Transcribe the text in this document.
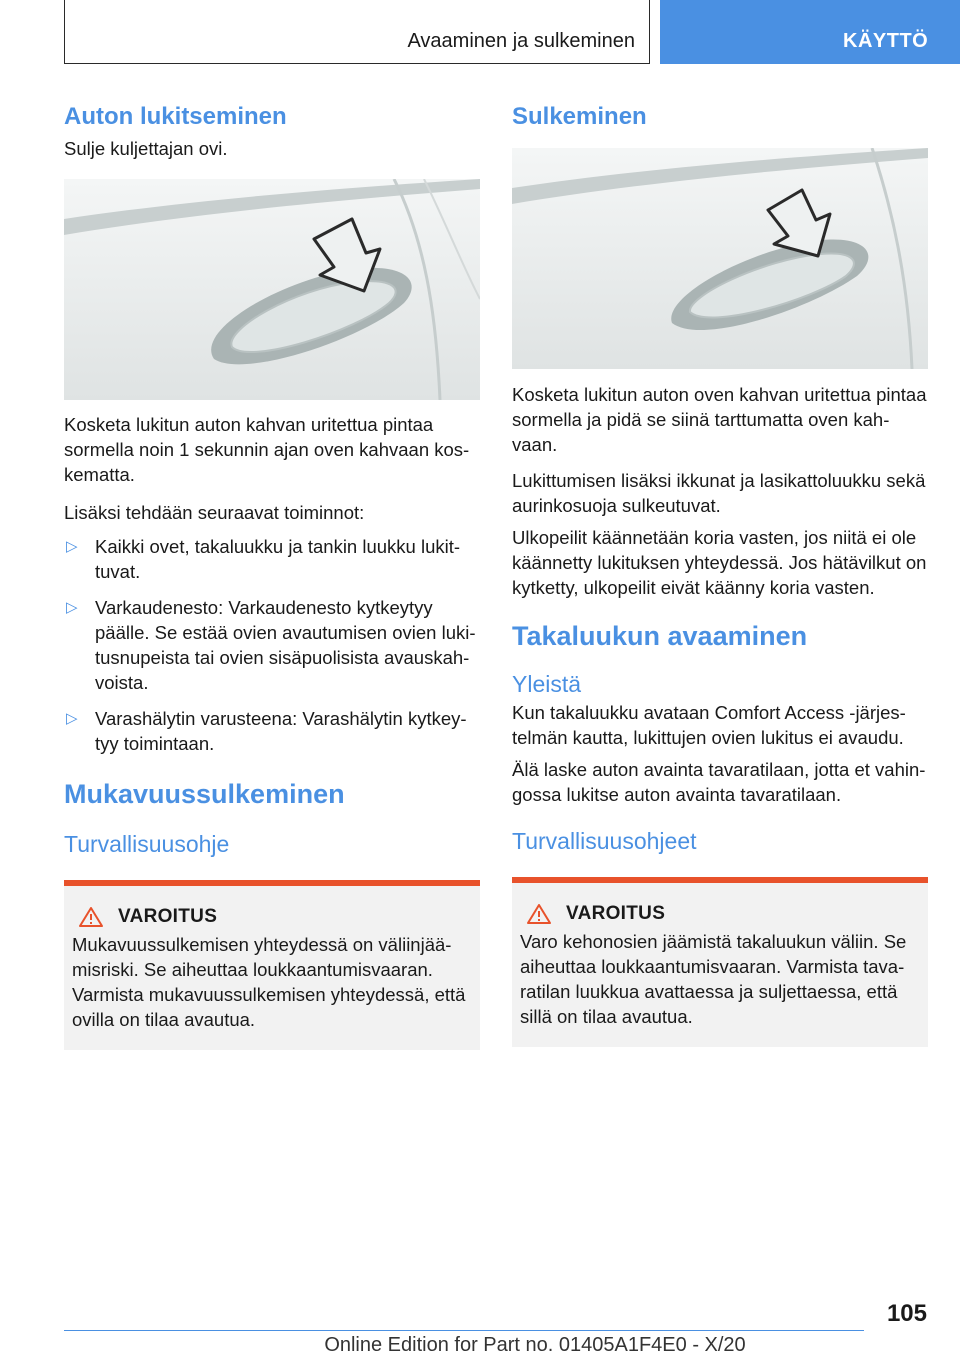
Avaaminen ja sulkeminen	KÄYTTÖ
Auton lukitseminen

Sulje kuljettajan ovi.

Kosketa lukitun auton kahvan uritettua pintaa sormella noin 1 sekunnin ajan oven kahvaan koskematta.

Lisäksi tehdään seuraavat toiminnot:

▷ Kaikki ovet, takaluukku ja tankin luukku lukittuvat.
▷ Varkaudenesto: Varkaudenesto kytkeytyy päälle. Se estää ovien avautumisen ovien lukitusnupeista tai ovien sisäpuolisista avauskahvoista.
▷ Varashälytin varusteena: Varashälytin kytkeytyy toimintaan.
Mukavuussulkeminen
Turvallisuusohje
VAROITUS

Mukavuussulkemisen yhteydessä on väliinjäämisriski. Se aiheuttaa loukkaantumisvaaran. Varmista mukavuussulkemisen yhteydessä, että ovilla on tilaa avautua.

Sulkeminen

Kosketa lukitun auton oven kahvan uritettua pintaa sormella ja pidä se siinä tarttumatta oven kahvaan.

Lukittumisen lisäksi ikkunat ja lasikattoluukku sekä aurinkosuoja sulkeutuvat.

Ulkopeilit käännetään koria vasten, jos niitä ei ole käännetty lukituksen yhteydessä. Jos hätävilkut on kytketty, ulkopeilit eivät käänny koria vasten.

Takaluukun avaaminen
Yleistä

Kun takaluukku avataan Comfort Access -järjestelmän kautta, lukittujen ovien lukitus ei avaudu.

Älä laske auton avainta tavaratilaan, jotta et vahingossa lukitse auton avainta tavaratilaan.

Turvallisuusohjeet
VAROITUS

Varo kehonosien jäämistä takaluukun väliin. Se aiheuttaa loukkaantumisvaaran. Varmista tavaratilan luukkua avattaessa ja suljettaessa, että sillä on tilaa avautua.

105
Online Edition for Part no. 01405A1F4E0 - X/20
